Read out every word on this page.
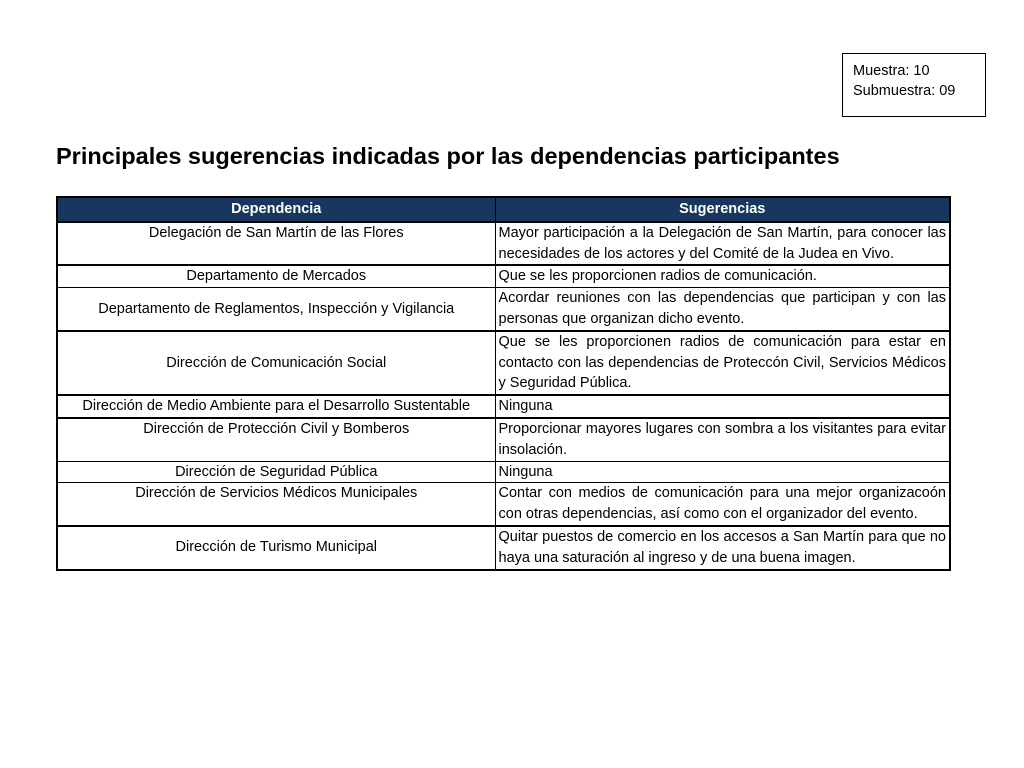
Muestra: 10
Submuestra: 09
Principales sugerencias indicadas por las dependencias participantes
Dependencia	Sugerencias
Delegación de San Martín de las Flores	Mayor participación a la Delegación de San Martín, para conocer las necesidades de los actores y del Comité de la Judea en Vivo.
Departamento de Mercados	Que se les proporcionen radios de comunicación.
Departamento de Reglamentos, Inspección y Vigilancia	Acordar reuniones con las dependencias que participan y con las personas que organizan dicho evento.
Dirección de Comunicación Social	Que se les proporcionen radios de comunicación para estar en contacto con las dependencias de Proteccón Civil, Servicios Médicos y Seguridad Pública.
Dirección de Medio Ambiente para el Desarrollo Sustentable	Ninguna
Dirección de Protección Civil y Bomberos	Proporcionar mayores lugares con sombra a los visitantes para evitar insolación.
Dirección de Seguridad Pública	Ninguna
Dirección de Servicios Médicos Municipales	Contar con medios de comunicación para una mejor organizacoón con otras dependencias, así como con el organizador del evento.
Dirección de Turismo Municipal	Quitar puestos de comercio en los accesos a San Martín para que no haya una saturación al ingreso y de una buena imagen.
